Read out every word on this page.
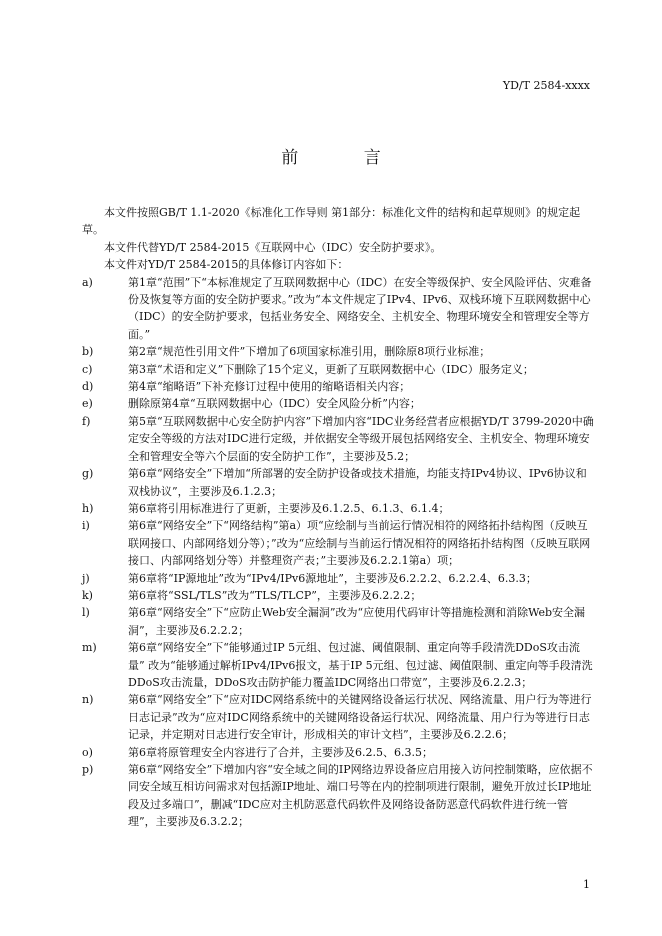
YD/T 2584-xxxx
前 言

本文件按照GB/T 1.1-2020《标准化工作导则 第1部分：标准化文件的结构和起草规则》的规定起草。

本文件代替YD/T 2584-2015《互联网中心（IDC）安全防护要求》。

本文件对YD/T 2584-2015的具体修订内容如下：

a)	第1章“范围”下“本标准规定了互联网数据中心（IDC）在安全等级保护、安全风险评估、灾难备份及恢复等方面的安全防护要求。”改为“本文件规定了IPv4、IPv6、双栈环境下互联网数据中心（IDC）的安全防护要求，包括业务安全、网络安全、主机安全、物理环境安全和管理安全等方面。”
b)	第2章“规范性引用文件”下增加了6项国家标准引用，删除原8项行业标准；
c)	第3章“术语和定义”下删除了15个定义，更新了互联网数据中心（IDC）服务定义；
d)	第4章“缩略语”下补充修订过程中使用的缩略语相关内容；
e)	删除原第4章“互联网数据中心（IDC）安全风险分析”内容；
f)	第5章“互联网数据中心安全防护内容”下增加内容“IDC业务经营者应根据YD/T 3799-2020中确定安全等级的方法对IDC进行定级，并依据安全等级开展包括网络安全、主机安全、物理环境安全和管理安全等六个层面的安全防护工作”，主要涉及5.2；
g)	第6章“网络安全”下增加“所部署的安全防护设备或技术措施，均能支持IPv4协议、IPv6协议和双栈协议”，主要涉及6.1.2.3；
h)	第6章将引用标准进行了更新，主要涉及6.1.2.5、6.1.3、6.1.4；
i)	第6章“网络安全”下“网络结构”第a）项“应绘制与当前运行情况相符的网络拓扑结构图（反映互联网接口、内部网络划分等）；”改为“应绘制与当前运行情况相符的网络拓扑结构图（反映互联网接口、内部网络划分等）并整理资产表；”主要涉及6.2.2.1第a）项；
j)	第6章将“IP源地址”改为“IPv4/IPv6源地址”，主要涉及6.2.2.2、6.2.2.4、6.3.3；
k)	第6章将“SSL/TLS”改为“TLS/TLCP”，主要涉及6.2.2.2；
l)	第6章“网络安全”下“应防止Web安全漏洞”改为“应使用代码审计等措施检测和消除Web安全漏洞”，主要涉及6.2.2.2；
m)	第6章“网络安全”下“能够通过IP 5元组、包过滤、阈值限制、重定向等手段清洗DDoS攻击流量” 改为“能够通过解析IPv4/IPv6报文，基于IP 5元组、包过滤、阈值限制、重定向等手段清洗DDoS攻击流量，DDoS攻击防护能力覆盖IDC网络出口带宽”，主要涉及6.2.2.3；
n)	第6章“网络安全”下“应对IDC网络系统中的关键网络设备运行状况、网络流量、用户行为等进行日志记录”改为“应对IDC网络系统中的关键网络设备运行状况、网络流量、用户行为等进行日志记录，并定期对日志进行安全审计，形成相关的审计文档”，主要涉及6.2.2.6；
o)	第6章将原管理安全内容进行了合并，主要涉及6.2.5、6.3.5；
p)	第6章“网络安全”下增加内容“安全域之间的IP网络边界设备应启用接入访问控制策略，应依据不同安全域互相访问需求对包括源IP地址、端口号等在内的控制项进行限制，避免开放过长IP地址段及过多端口”，删减“IDC应对主机防恶意代码软件及网络设备防恶意代码软件进行统一管理”，主要涉及6.3.2.2；
1
